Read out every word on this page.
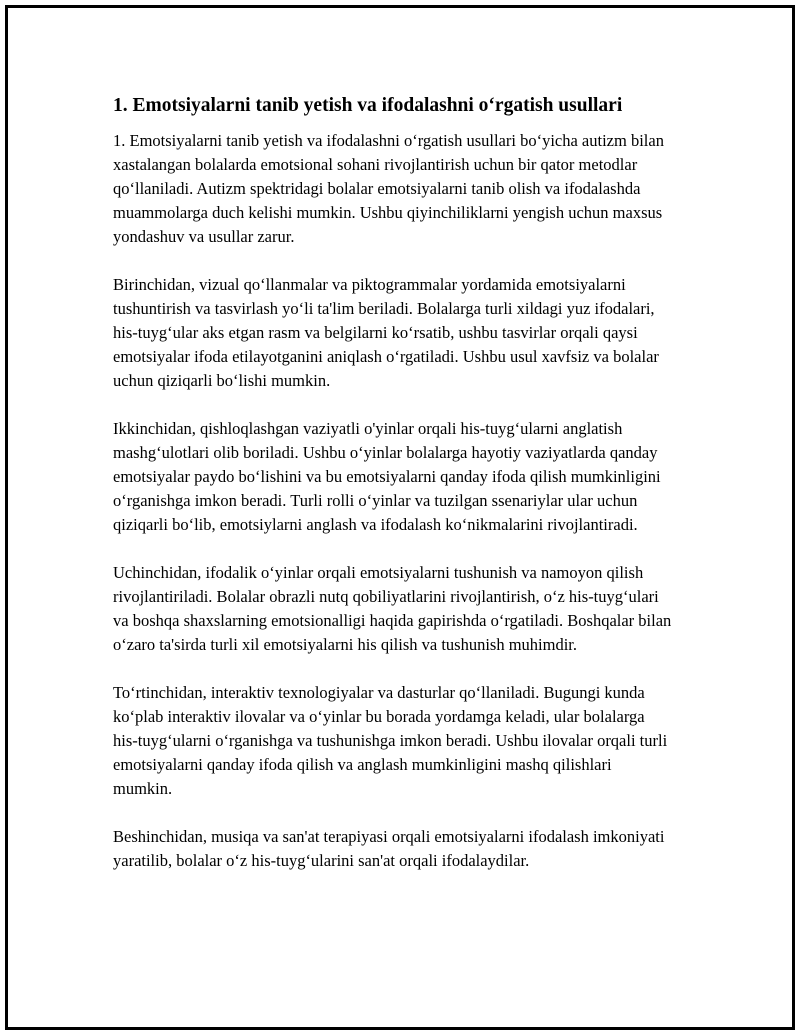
1. Emotsiyalarni tanib yetish va ifodalashni o‘rgatish usullari

1. Emotsiyalarni tanib yetish va ifodalashni o‘rgatish usullari bo‘yicha autizm bilan xastalangan bolalarda emotsional sohani rivojlantirish uchun bir qator metodlar qo‘llaniladi. Autizm spektridagi bolalar emotsiyalarni tanib olish va ifodalashda muammolarga duch kelishi mumkin. Ushbu qiyinchiliklarni yengish uchun maxsus yondashuv va usullar zarur.

Birinchidan, vizual qo‘llanmalar va piktogrammalar yordamida emotsiyalarni tushuntirish va tasvirlash yo‘li ta'lim beriladi. Bolalarga turli xildagi yuz ifodalari, his-tuyg‘ular aks etgan rasm va belgilarni ko‘rsatib, ushbu tasvirlar orqali qaysi emotsiyalar ifoda etilayotganini aniqlash o‘rgatiladi. Ushbu usul xavfsiz va bolalar uchun qiziqarli bo‘lishi mumkin.

Ikkinchidan, qishloqlashgan vaziyatli o'yinlar orqali his-tuyg‘ularni anglatish mashg‘ulotlari olib boriladi. Ushbu o‘yinlar bolalarga hayotiy vaziyatlarda qanday emotsiyalar paydo bo‘lishini va bu emotsiyalarni qanday ifoda qilish mumkinligini o‘rganishga imkon beradi. Turli rolli o‘yinlar va tuzilgan ssenariylar ular uchun qiziqarli bo‘lib, emotsiylarni anglash va ifodalash ko‘nikmalarini rivojlantiradi.

Uchinchidan, ifodalik o‘yinlar orqali emotsiyalarni tushunish va namoyon qilish rivojlantiriladi. Bolalar obrazli nutq qobiliyatlarini rivojlantirish, o‘z his-tuyg‘ulari va boshqa shaxslarning emotsionalligi haqida gapirishda o‘rgatiladi. Boshqalar bilan o‘zaro ta'sirda turli xil emotsiyalarni his qilish va tushunish muhimdir.

To‘rtinchidan, interaktiv texnologiyalar va dasturlar qo‘llaniladi. Bugungi kunda ko‘plab interaktiv ilovalar va o‘yinlar bu borada yordamga keladi, ular bolalarga his-tuyg‘ularni o‘rganishga va tushunishga imkon beradi. Ushbu ilovalar orqali turli emotsiyalarni qanday ifoda qilish va anglash mumkinligini mashq qilishlari mumkin.

Beshinchidan, musiqa va san'at terapiyasi orqali emotsiyalarni ifodalash imkoniyati yaratilib, bolalar o‘z his-tuyg‘ularini san'at orqali ifodalaydilar.
